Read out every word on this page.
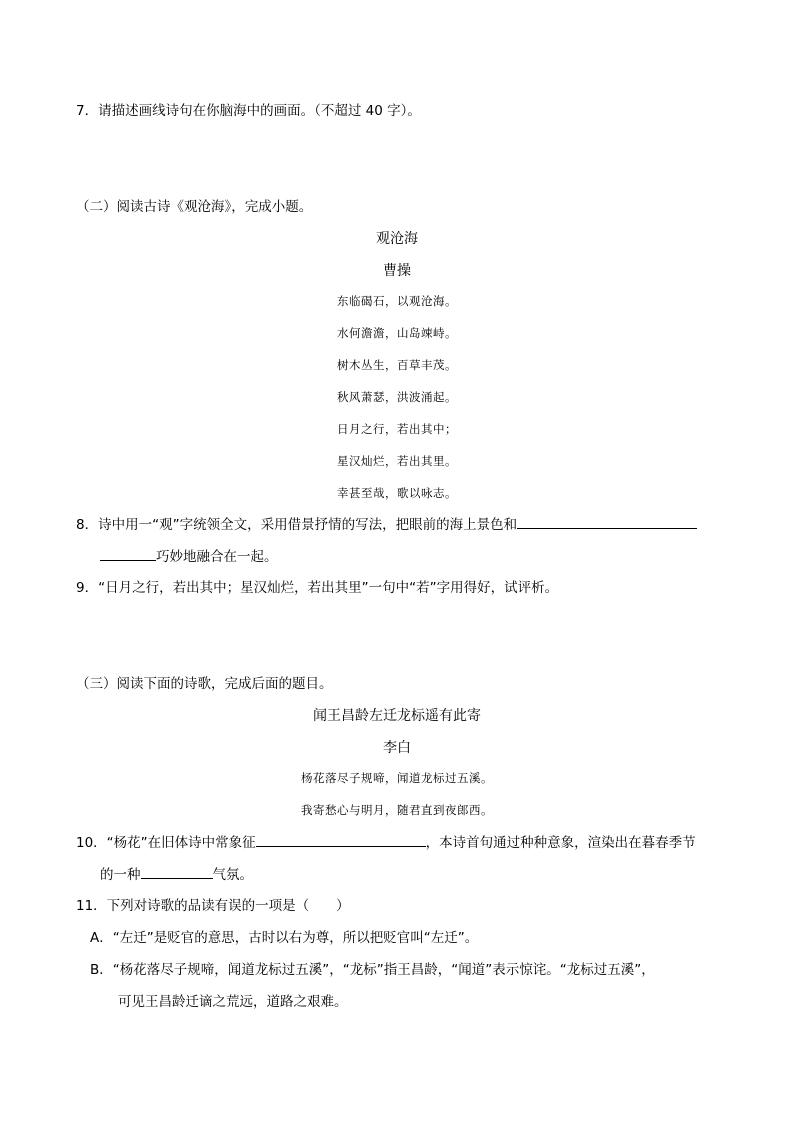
7．请描述画线诗句在你脑海中的画面。（不超过 40 字）。
（二）阅读古诗《观沧海》，完成小题。
观沧海
曹操
东临碣石，以观沧海。
水何澹澹，山岛竦峙。
树木丛生，百草丰茂。
秋风萧瑟，洪波涌起。
日月之行，若出其中；
星汉灿烂，若出其里。
幸甚至哉，歌以咏志。
8．诗中用一“观”字统领全文，采用借景抒情的写法，把眼前的海上景色和
巧妙地融合在一起。
9．“日月之行，若出其中；星汉灿烂，若出其里”一句中“若”字用得好，试评析。
（三）阅读下面的诗歌，完成后面的题目。
闻王昌龄左迁龙标遥有此寄
李白
杨花落尽子规啼，闻道龙标过五溪。
我寄愁心与明月，随君直到夜郎西。
10．“杨花”在旧体诗中常象征	，本诗首句通过种种意象，渲染出在暮春季节
的一种	气氛。
11．下列对诗歌的品读有误的一项是（　　）
A．“左迁”是贬官的意思，古时以右为尊，所以把贬官叫“左迁”。
B．“杨花落尽子规啼，闻道龙标过五溪”，“龙标”指王昌龄，“闻道”表示惊诧。“龙标过五溪”，
可见王昌龄迁谪之荒远，道路之艰难。
